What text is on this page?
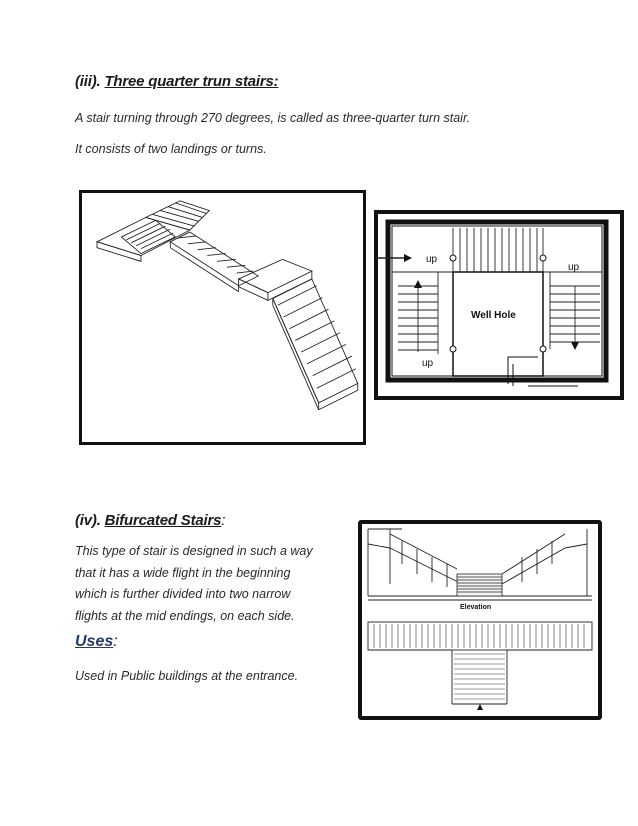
(iii). Three quarter trun stairs:

A stair turning through 270 degrees, is called as three-quarter turn stair.

It consists of two landings or turns.

up
up
up
Well Hole
(iv). Bifurcated Stairs:

This type of stair is designed in such a way

that it has a wide flight in the beginning

which is further divided into two narrow

flights at the mid endings, on each side.

Uses:

Used in Public buildings at the entrance.

Elevation
